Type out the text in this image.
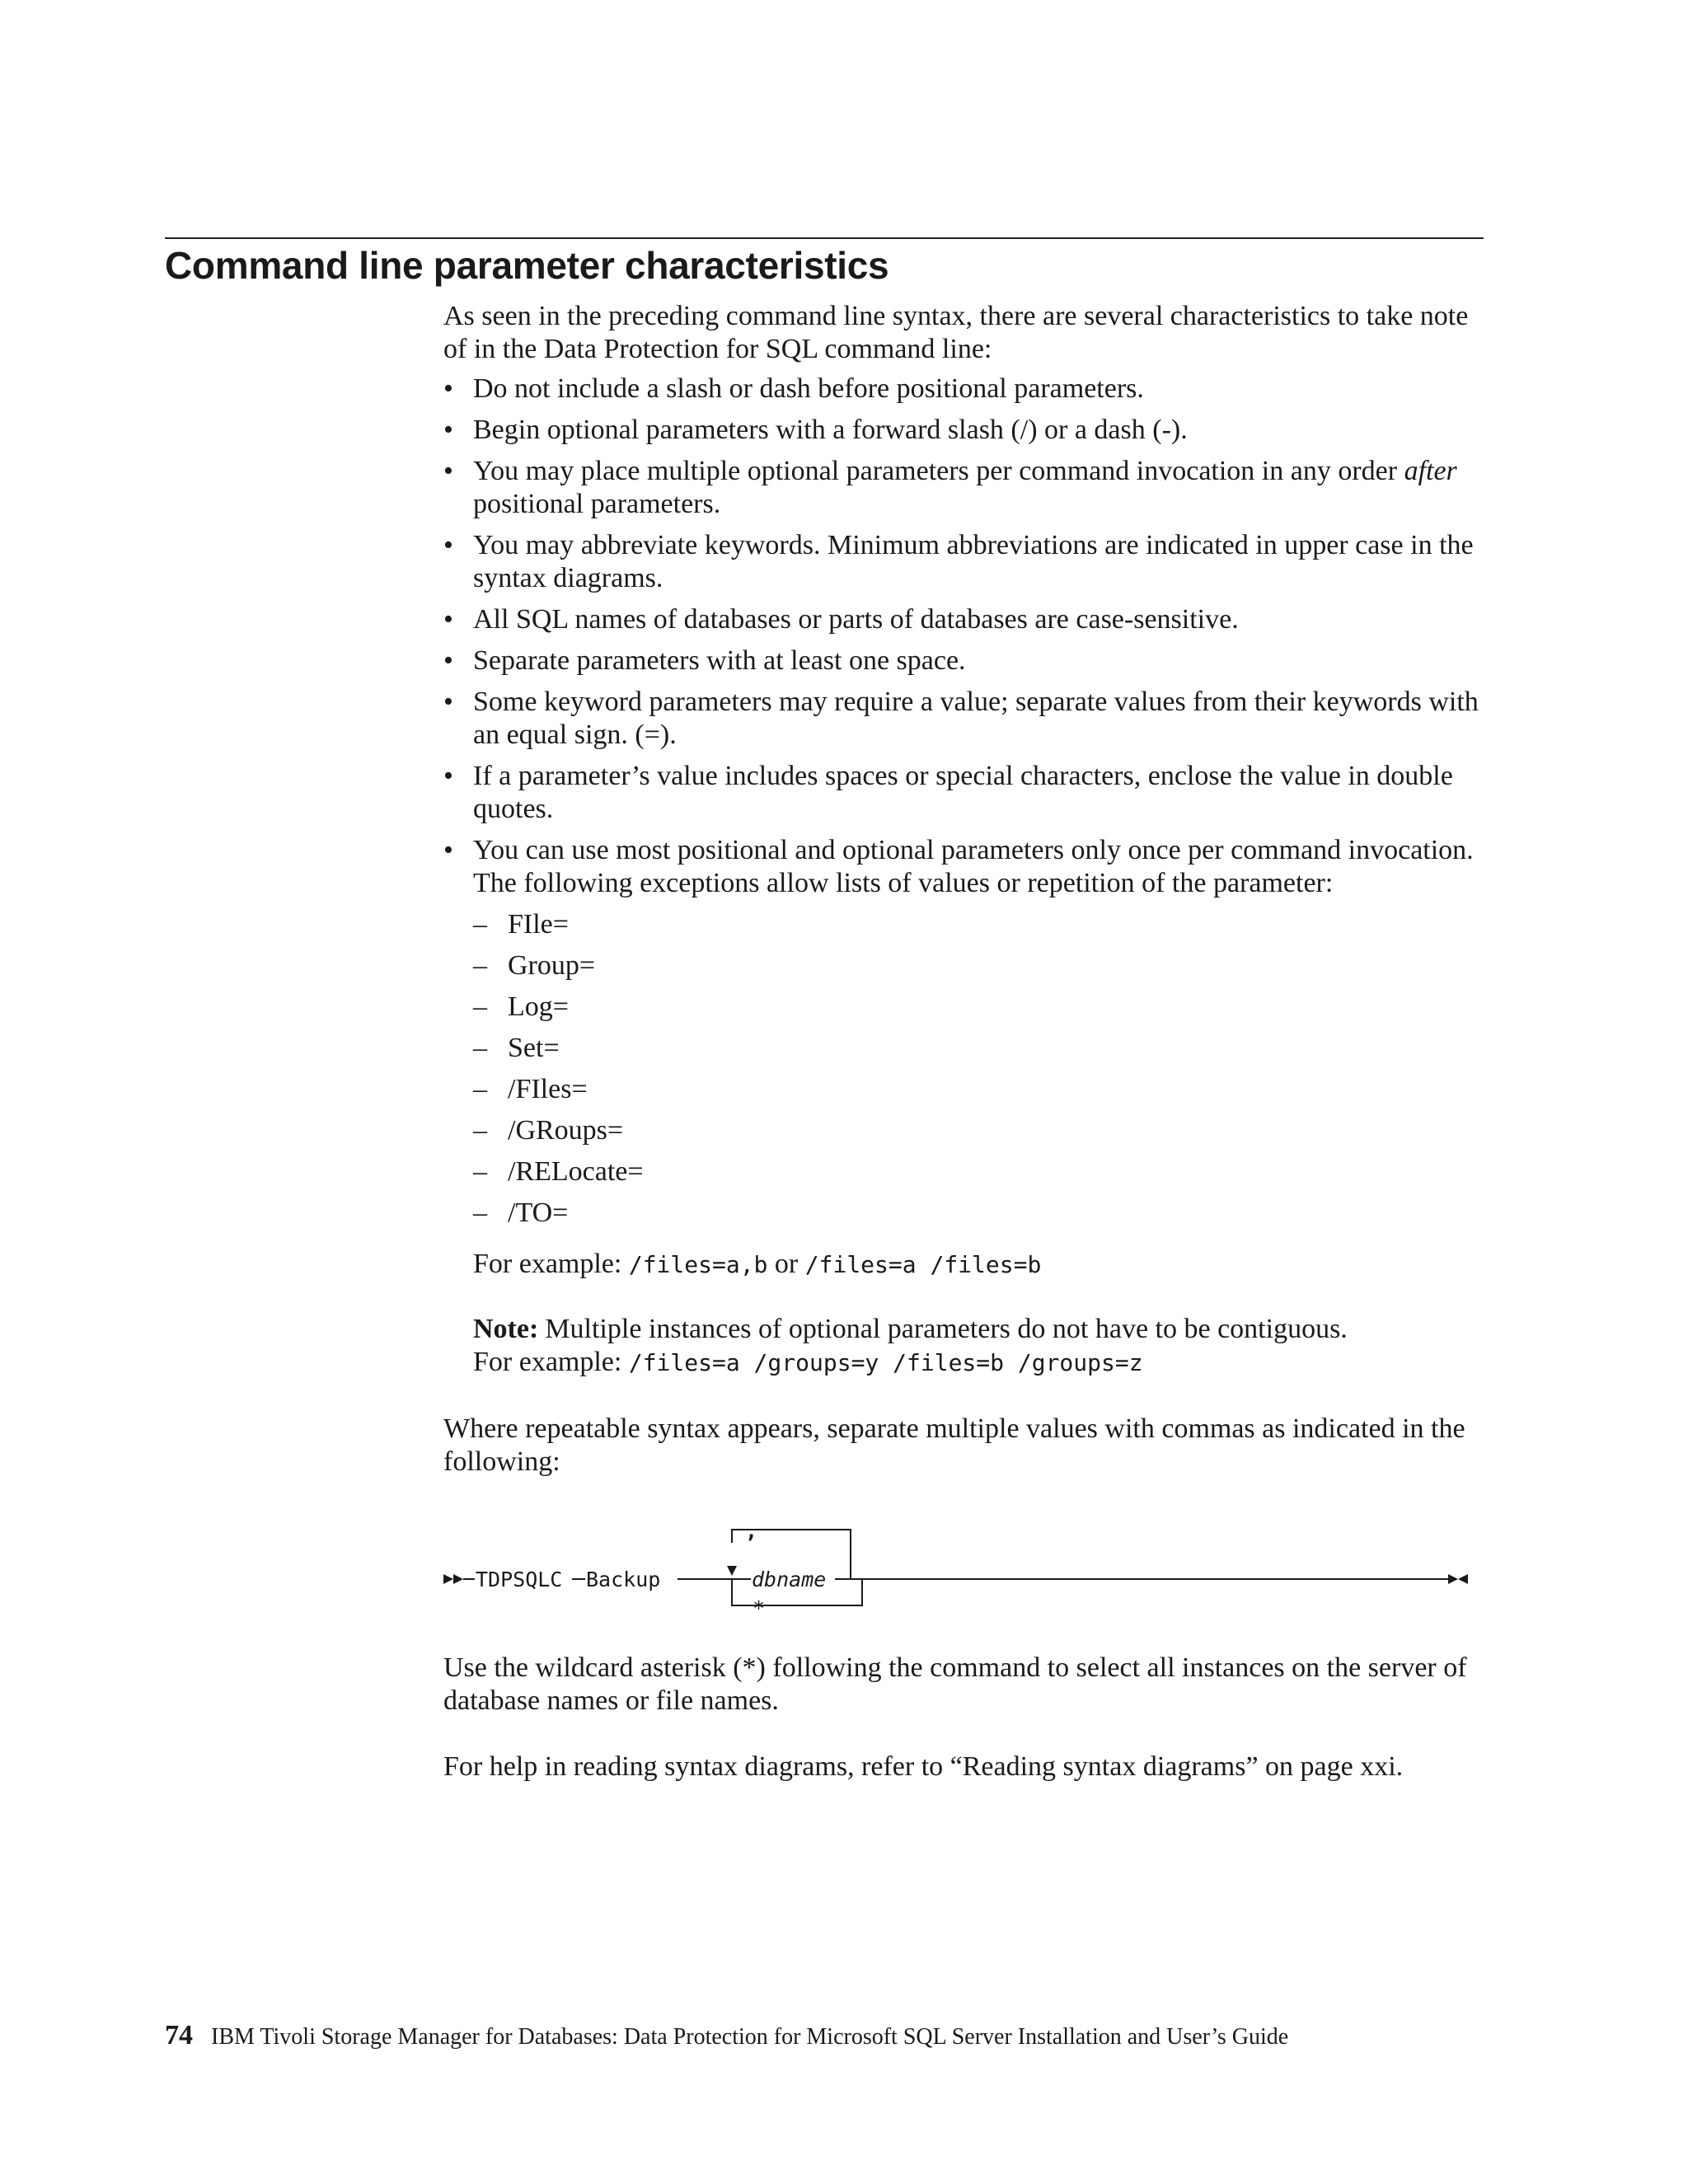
Command line parameter characteristics

As seen in the preceding command line syntax, there are several characteristics to take note of in the Data Protection for SQL command line:

• Do not include a slash or dash before positional parameters.
• Begin optional parameters with a forward slash (/) or a dash (-).
• You may place multiple optional parameters per command invocation in any order after positional parameters.
• You may abbreviate keywords. Minimum abbreviations are indicated in upper case in the syntax diagrams.
• All SQL names of databases or parts of databases are case-sensitive.
• Separate parameters with at least one space.
• Some keyword parameters may require a value; separate values from their keywords with an equal sign. (=).
• If a parameter’s value includes spaces or special characters, enclose the value in double quotes.
• You can use most positional and optional parameters only once per command invocation. The following exceptions allow lists of values or repetition of the parameter:
– FIle=
– Group=
– Log=
– Set=
– /FIles=
– /GRoups=
– /RELocate=
– /TO=

For example: /files=a,b or /files=a /files=b

Note: Multiple instances of optional parameters do not have to be contiguous.

For example: /files=a /groups=y /files=b /groups=z

Where repeatable syntax appears, separate multiple values with commas as indicated in the following:

TDPSQLC Backup
,
dbname
*

Use the wildcard asterisk (*) following the command to select all instances on the server of database names or file names.

For help in reading syntax diagrams, refer to “Reading syntax diagrams” on page xxi.

74 IBM Tivoli Storage Manager for Databases: Data Protection for Microsoft SQL Server Installation and User’s Guide
